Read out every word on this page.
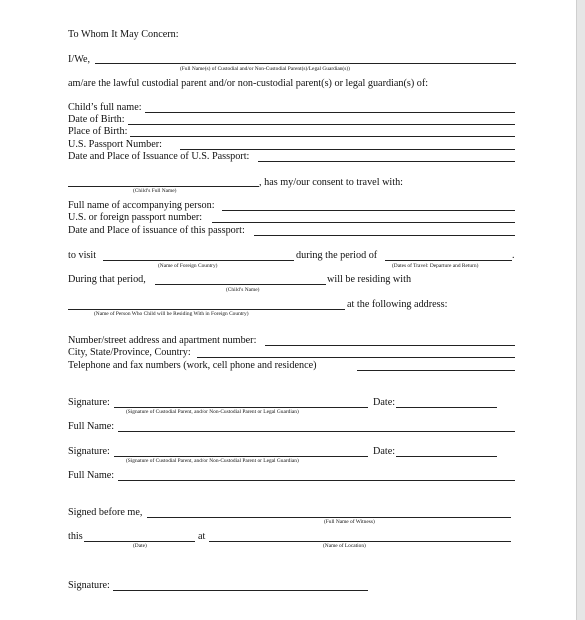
To Whom It May Concern:
I/We,
(Full Name(s) of Custodial and/or Non-Custodial Parent(s)/Legal Guardian(s))
am/are the lawful custodial parent and/or non-custodial parent(s) or legal guardian(s) of:
Child’s full name:
Date of Birth:
Place of Birth:
U.S. Passport Number:
Date and Place of Issuance of U.S. Passport:
, has my/our consent to travel with:
(Child’s Full Name)
Full name of accompanying person:
U.S. or foreign passport number:
Date and Place of issuance of this passport:
to visit
(Name of Foreign Country)
during the period of
(Dates of Travel: Departure and Return)
.
During that period,
(Child’s Name)
will be residing with
(Name of Person Who Child will be Residing With in Foreign Country)
at the following address:
Number/street address and apartment number:
City, State/Province, Country:
Telephone and fax numbers (work, cell phone and residence)
Signature:
(Signature of Custodial Parent, and/or Non-Custodial Parent or Legal Guardian)
Date:
Full Name:
Signature:
(Signature of Custodial Parent, and/or Non-Custodial Parent or Legal Guardian)
Date:
Full Name:
Signed before me,
(Full Name of Witness)
this
(Date)
at
(Name of Location)
Signature:
